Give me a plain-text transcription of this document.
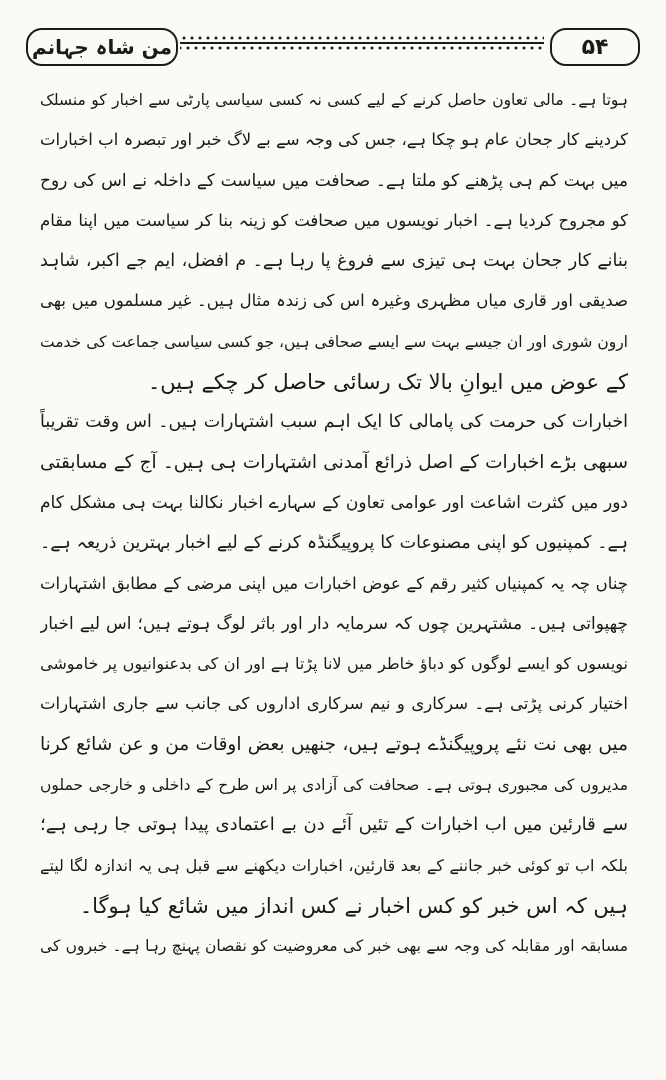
من شاہ جہانم	۵۴
ہوتا ہے۔ مالی تعاون حاصل کرنے کے لیے کسی نہ کسی سیاسی پارٹی سے اخبار کو منسلک
کردینے کار جحان عام ہو چکا ہے، جس کی وجہ سے بے لاگ خبر اور تبصرہ اب اخبارات
میں بہت کم ہی پڑھنے کو ملتا ہے۔ صحافت میں سیاست کے داخلہ نے اس کی روح
کو مجروح کردیا ہے۔ اخبار نویسوں میں صحافت کو زینہ بنا کر سیاست میں اپنا مقام
بنانے کار جحان بہت ہی تیزی سے فروغ پا رہا ہے۔ م افضل، ایم جے اکبر، شاہد
صدیقی اور قاری میاں مظہری وغیرہ اس کی زندہ مثال ہیں۔ غیر مسلموں میں بھی
ارون شوری اور ان جیسے بہت سے ایسے صحافی ہیں، جو کسی سیاسی جماعت کی خدمت
کے عوض میں ایوانِ بالا تک رسائی حاصل کر چکے ہیں۔
اخبارات کی حرمت کی پامالی کا ایک اہم سبب اشتہارات ہیں۔ اس وقت تقریباً
سبھی بڑے اخبارات کے اصل ذرائع آمدنی اشتہارات ہی ہیں۔ آج کے مسابقتی
دور میں کثرت اشاعت اور عوامی تعاون کے سہارے اخبار نکالنا بہت ہی مشکل کام
ہے۔ کمپنیوں کو اپنی مصنوعات کا پروپیگنڈہ کرنے کے لیے اخبار بہترین ذریعہ ہے۔
چناں چہ یہ کمپنیاں کثیر رقم کے عوض اخبارات میں اپنی مرضی کے مطابق اشتہارات
چھپواتی ہیں۔ مشتہرین چوں کہ سرمایہ دار اور باثر لوگ ہوتے ہیں؛ اس لیے اخبار
نویسوں کو ایسے لوگوں کو دباؤ خاطر میں لانا پڑتا ہے اور ان کی بدعنوانیوں پر خاموشی
اختیار کرنی پڑتی ہے۔ سرکاری و نیم سرکاری اداروں کی جانب سے جاری اشتہارات
میں بھی نت نئے پروپیگنڈے ہوتے ہیں، جنھیں بعض اوقات من و عن شائع کرنا
مدیروں کی مجبوری ہوتی ہے۔ صحافت کی آزادی پر اس طرح کے داخلی و خارجی حملوں
سے قارئین میں اب اخبارات کے تئیں آئے دن بے اعتمادی پیدا ہوتی جا رہی ہے؛
بلکہ اب تو کوئی خبر جاننے کے بعد قارئین، اخبارات دیکھنے سے قبل ہی یہ اندازہ لگا لیتے
ہیں کہ اس خبر کو کس اخبار نے کس انداز میں شائع کیا ہوگا۔
مسابقہ اور مقابلہ کی وجہ سے بھی خبر کی معروضیت کو نقصان پہنچ رہا ہے۔ خبروں کی
